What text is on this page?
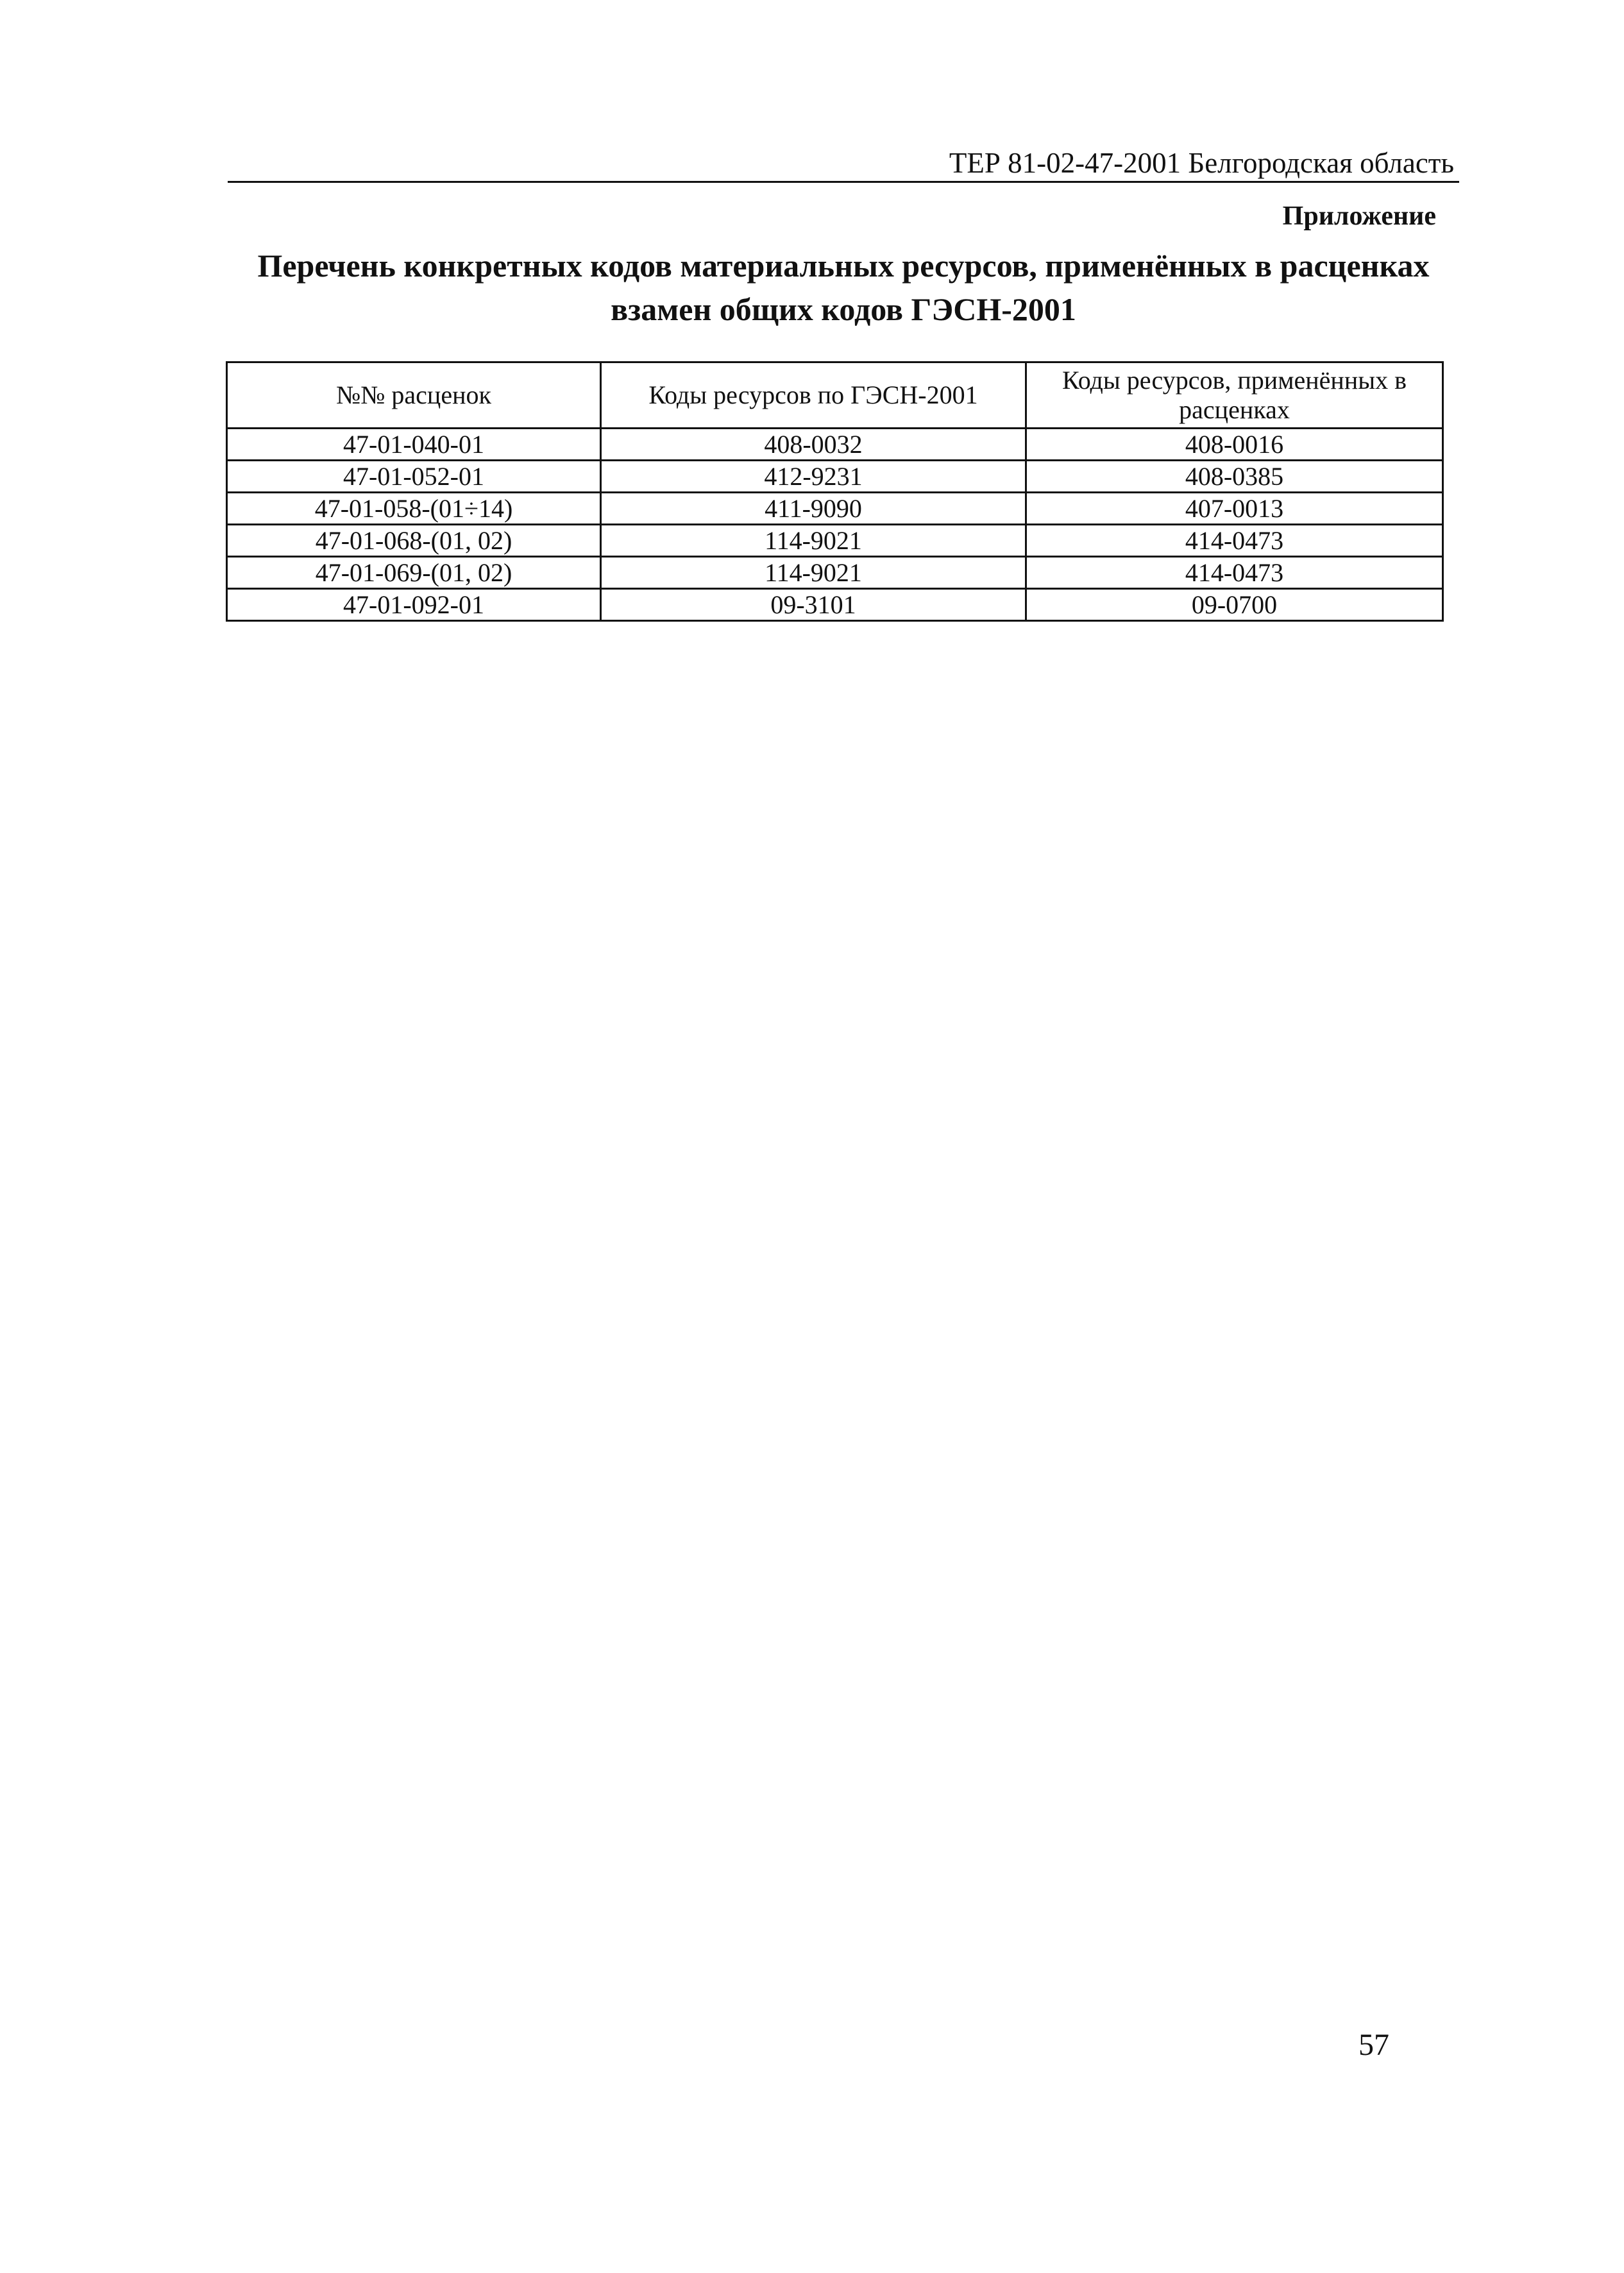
ТЕР 81-02-47-2001 Белгородская область
Приложение
Перечень конкретных кодов материальных ресурсов, применённых в расценках
взамен общих кодов ГЭСН-2001
№№ расценок	Коды ресурсов по ГЭСН-2001	Коды ресурсов, применённых в расценках
47-01-040-01	408-0032	408-0016
47-01-052-01	412-9231	408-0385
47-01-058-(01÷14)	411-9090	407-0013
47-01-068-(01, 02)	114-9021	414-0473
47-01-069-(01, 02)	114-9021	414-0473
47-01-092-01	09-3101	09-0700
57
